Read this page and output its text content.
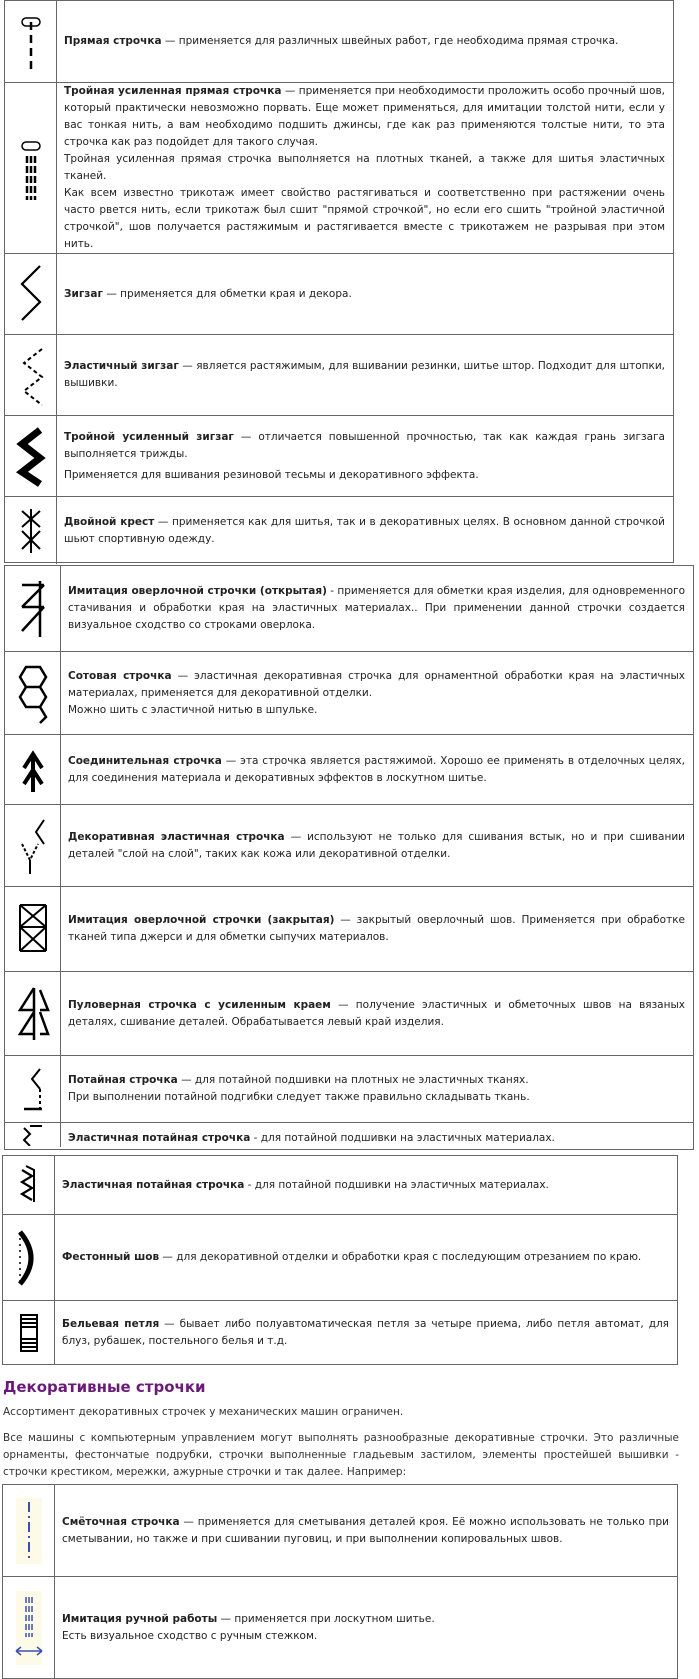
Прямая строчка — применяется для различных швейных работ, где необходима прямая строчка.

Тройная усиленная прямая строчка — применяется при необходимости проложить особо прочный шов, который практически невозможно порвать. Еще может применяться, для имитации толстой нити, если у вас тонкая нить, а вам необходимо подшить джинсы, где как раз применяются толстые нити, то эта строчка как раз подойдет для такого случая.

Тройная усиленная прямая строчка выполняется на плотных тканей, а также для шитья эластичных тканей.

Как всем известно трикотаж имеет свойство растягиваться и соответственно при растяжении очень часто рвется нить, если трикотаж был сшит "прямой строчкой", но если его сшить "тройной эластичной строчкой", шов получается растяжимым и растягивается вместе с трикотажем не разрывая при этом нить.

Зигзаг — применяется для обметки края и декора.

Эластичный зигзаг — является растяжимым, для вшивании резинки, шитье штор. Подходит для штопки, вышивки.

Тройной усиленный зигзаг — отличается повышенной прочностью, так как каждая грань зигзага выполняется трижды.

Применяется для вшивания резиновой тесьмы и декоративного эффекта.

Двойной крест — применяется как для шитья, так и в декоративных целях. В основном данной строчкой шьют спортивную одежду.

Имитация оверлочной строчки (открытая) - применяется для обметки края изделия, для одновременного стачивания и обработки края на эластичных материалах.. При применении данной строчки создается визуальное сходство со строками оверлока.

Сотовая строчка — эластичная декоративная строчка для орнаментной обработки края на эластичных материалах, применяется для декоративной отделки.

Можно шить с эластичной нитью в шпульке.

Соединительная строчка — эта строчка является растяжимой. Хорошо ее применять в отделочных целях, для соединения материала и декоративных эффектов в лоскутном шитье.

Декоративная эластичная строчка — используют не только для сшивания встык, но и при сшивании деталей "слой на слой", таких как кожа или декоративной отделки.

Имитация оверлочной строчки (закрытая) — закрытый оверлочный шов. Применяется при обработке тканей типа джерси и для обметки сыпучих материалов.

Пуловерная строчка с усиленным краем — получение эластичных и обметочных швов на вязаных деталях, сшивание деталей. Обрабатывается левый край изделия.

Потайная строчка — для потайной подшивки на плотных не эластичных тканях.

При выполнении потайной подгибки следует также правильно складывать ткань.

Эластичная потайная строчка - для потайной подшивки на эластичных материалах.

Эластичная потайная строчка - для потайной подшивки на эластичных материалах.

Фестонный шов — для декоративной отделки и обработки края с последующим отрезанием по краю.

Бельевая петля — бывает либо полуавтоматическая петля за четыре приема, либо петля автомат, для блуз, рубашек, постельного белья и т.д.

Декоративные строчки

Ассортимент декоративных строчек у механических машин ограничен.

Все машины с компьютерным управлением могут выполнять разнообразные декоративные строчки. Это различные орнаменты, фестончатые подрубки, строчки выполненные гладьевым застилом, элементы простейшей вышивки - строчки крестиком, мережки, ажурные строчки и так далее. Например:

Смёточная строчка — применяется для сметывания деталей кроя. Её можно использовать не только при сметывании, но также и при сшивании пуговиц, и при выполнении копировальных швов.

Имитация ручной работы — применяется при лоскутном шитье.

Есть визуальное сходство с ручным стежком.
